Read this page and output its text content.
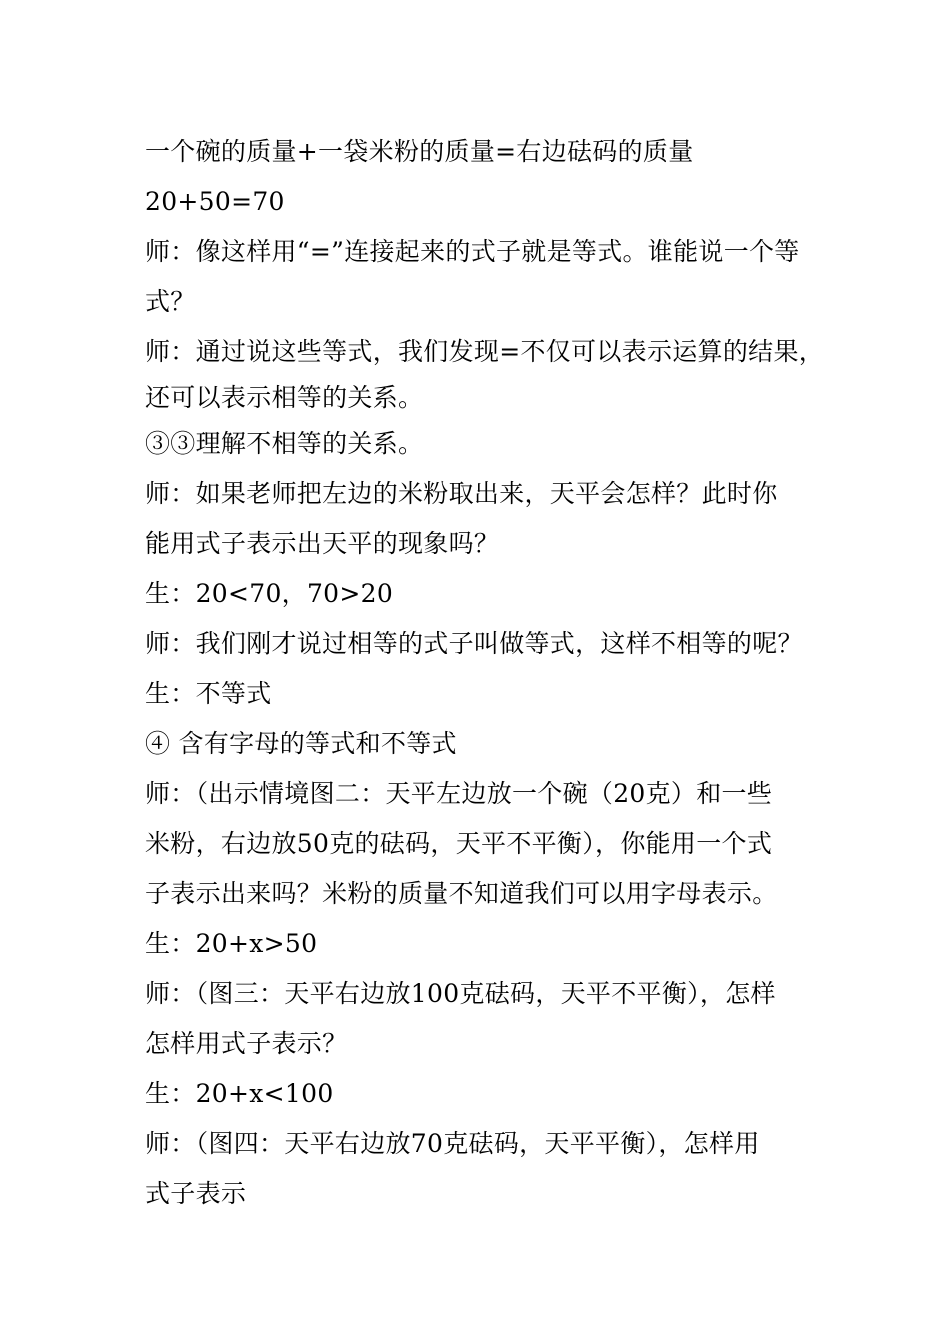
一个碗的质量+一袋米粉的质量=右边砝码的质量
20+50=70
师：像这样用“=”连接起来的式子就是等式。谁能说一个等
式？
师：通过说这些等式，我们发现=不仅可以表示运算的结果，
还可以表示相等的关系。
③③理解不相等的关系。
师：如果老师把左边的米粉取出来，天平会怎样？此时你
能用式子表示出天平的现象吗？
生：20<70，70>20
师：我们刚才说过相等的式子叫做等式，这样不相等的呢？
生：不等式
④ 含有字母的等式和不等式
师：（出示情境图二：天平左边放一个碗（20克）和一些
米粉，右边放50克的砝码，天平不平衡），你能用一个式
子表示出来吗？米粉的质量不知道我们可以用字母表示。
生：20+x>50
师：（图三：天平右边放100克砝码，天平不平衡），怎样
怎样用式子表示？
生：20+x<100
师：（图四：天平右边放70克砝码，天平平衡），怎样用
式子表示
